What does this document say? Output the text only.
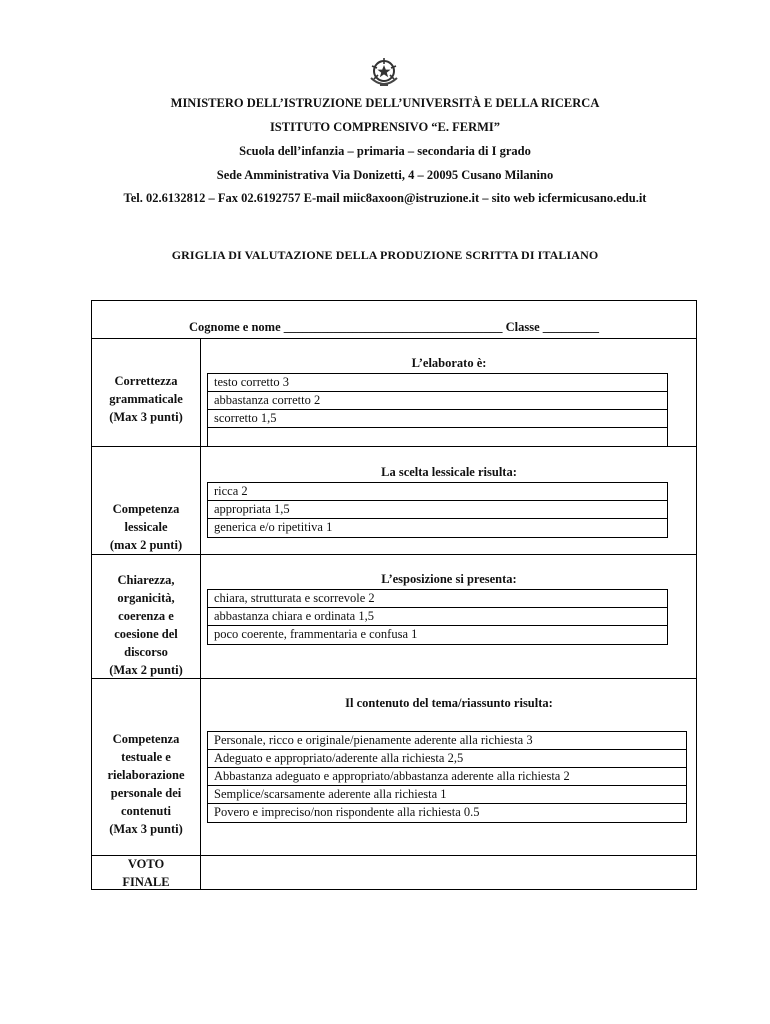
MINISTERO DELL’ISTRUZIONE DELL’UNIVERSITÀ E DELLA RICERCA
ISTITUTO COMPRENSIVO “E. FERMI”
Scuola dell’infanzia – primaria – secondaria di I grado
Sede Amministrativa Via Donizetti, 4 – 20095 Cusano Milanino
Tel. 02.6132812 – Fax 02.6192757 E-mail miic8axoon@istruzione.it – sito web icfermicusano.edu.it
GRIGLIA DI VALUTAZIONE DELLA PRODUZIONE SCRITTA DI ITALIANO
Cognome e nome ___________________________________ Classe _________
Correttezza
grammaticale
(Max 3 punti)
L’elaborato è:
testo corretto 3
abbastanza corretto 2
scorretto 1,5
Competenza
lessicale
(max 2 punti)
La scelta lessicale risulta:
ricca 2
appropriata 1,5
generica e/o ripetitiva 1
Chiarezza,
organicità,
coerenza e
coesione del
discorso
(Max 2 punti)
L’esposizione si presenta:
chiara, strutturata e scorrevole 2
abbastanza chiara e ordinata 1,5
poco coerente, frammentaria e confusa 1
Competenza
testuale e
rielaborazione
personale dei
contenuti
(Max 3 punti)
Il contenuto del tema/riassunto risulta:
Personale, ricco e originale/pienamente aderente alla richiesta 3
Adeguato e appropriato/aderente alla richiesta 2,5
Abbastanza adeguato e appropriato/abbastanza aderente alla richiesta 2
Semplice/scarsamente aderente alla richiesta 1
Povero e impreciso/non rispondente alla richiesta 0.5
VOTO
FINALE
